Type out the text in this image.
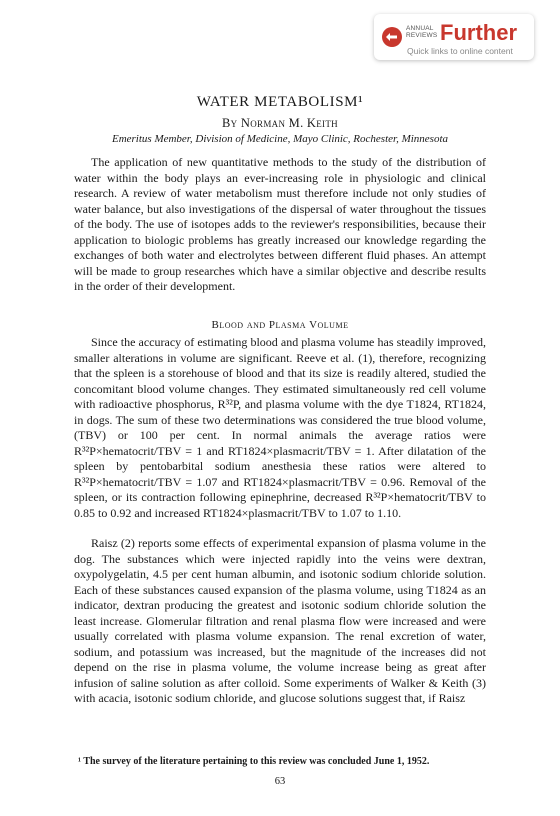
ANNUAL REVIEWS Further
Quick links to online content
WATER METABOLISM¹
By Norman M. Keith
Emeritus Member, Division of Medicine, Mayo Clinic, Rochester, Minnesota

The application of new quantitative methods to the study of the distribution of water within the body plays an ever-increasing role in physiologic and clinical research. A review of water metabolism must therefore include not only studies of water balance, but also investigations of the dispersal of water throughout the tissues of the body. The use of isotopes adds to the reviewer's responsibilities, because their application to biologic problems has greatly increased our knowledge regarding the exchanges of both water and electrolytes between different fluid phases. An attempt will be made to group researches which have a similar objective and describe results in the order of their development.

Blood and Plasma Volume

Since the accuracy of estimating blood and plasma volume has steadily improved, smaller alterations in volume are significant. Reeve et al. (1), therefore, recognizing that the spleen is a storehouse of blood and that its size is readily altered, studied the concomitant blood volume changes. They estimated simultaneously red cell volume with radioactive phosphorus, R³²P, and plasma volume with the dye T1824, RT1824, in dogs. The sum of these two determinations was considered the true blood volume, (TBV) or 100 per cent. In normal animals the average ratios were R³²P×hematocrit/TBV = 1 and RT1824×plasmacrit/TBV = 1. After dilatation of the spleen by pentobarbital sodium anesthesia these ratios were altered to R³²P×hematocrit/TBV = 1.07 and RT1824×plasmacrit/TBV = 0.96. Removal of the spleen, or its contraction following epinephrine, decreased R³²P×hematocrit/TBV to 0.85 to 0.92 and increased RT1824×plasmacrit/TBV to 1.07 to 1.10.

Raisz (2) reports some effects of experimental expansion of plasma volume in the dog. The substances which were injected rapidly into the veins were dextran, oxypolygelatin, 4.5 per cent human albumin, and isotonic sodium chloride solution. Each of these substances caused expansion of the plasma volume, using T1824 as an indicator, dextran producing the greatest and isotonic sodium chloride solution the least increase. Glomerular filtration and renal plasma flow were increased and were usually correlated with plasma volume expansion. The renal excretion of water, sodium, and potassium was increased, but the magnitude of the increases did not depend on the rise in plasma volume, the volume increase being as great after infusion of saline solution as after colloid. Some experiments of Walker & Keith (3) with acacia, isotonic sodium chloride, and glucose solutions suggest that, if Raisz

¹ The survey of the literature pertaining to this review was concluded June 1, 1952.
63
